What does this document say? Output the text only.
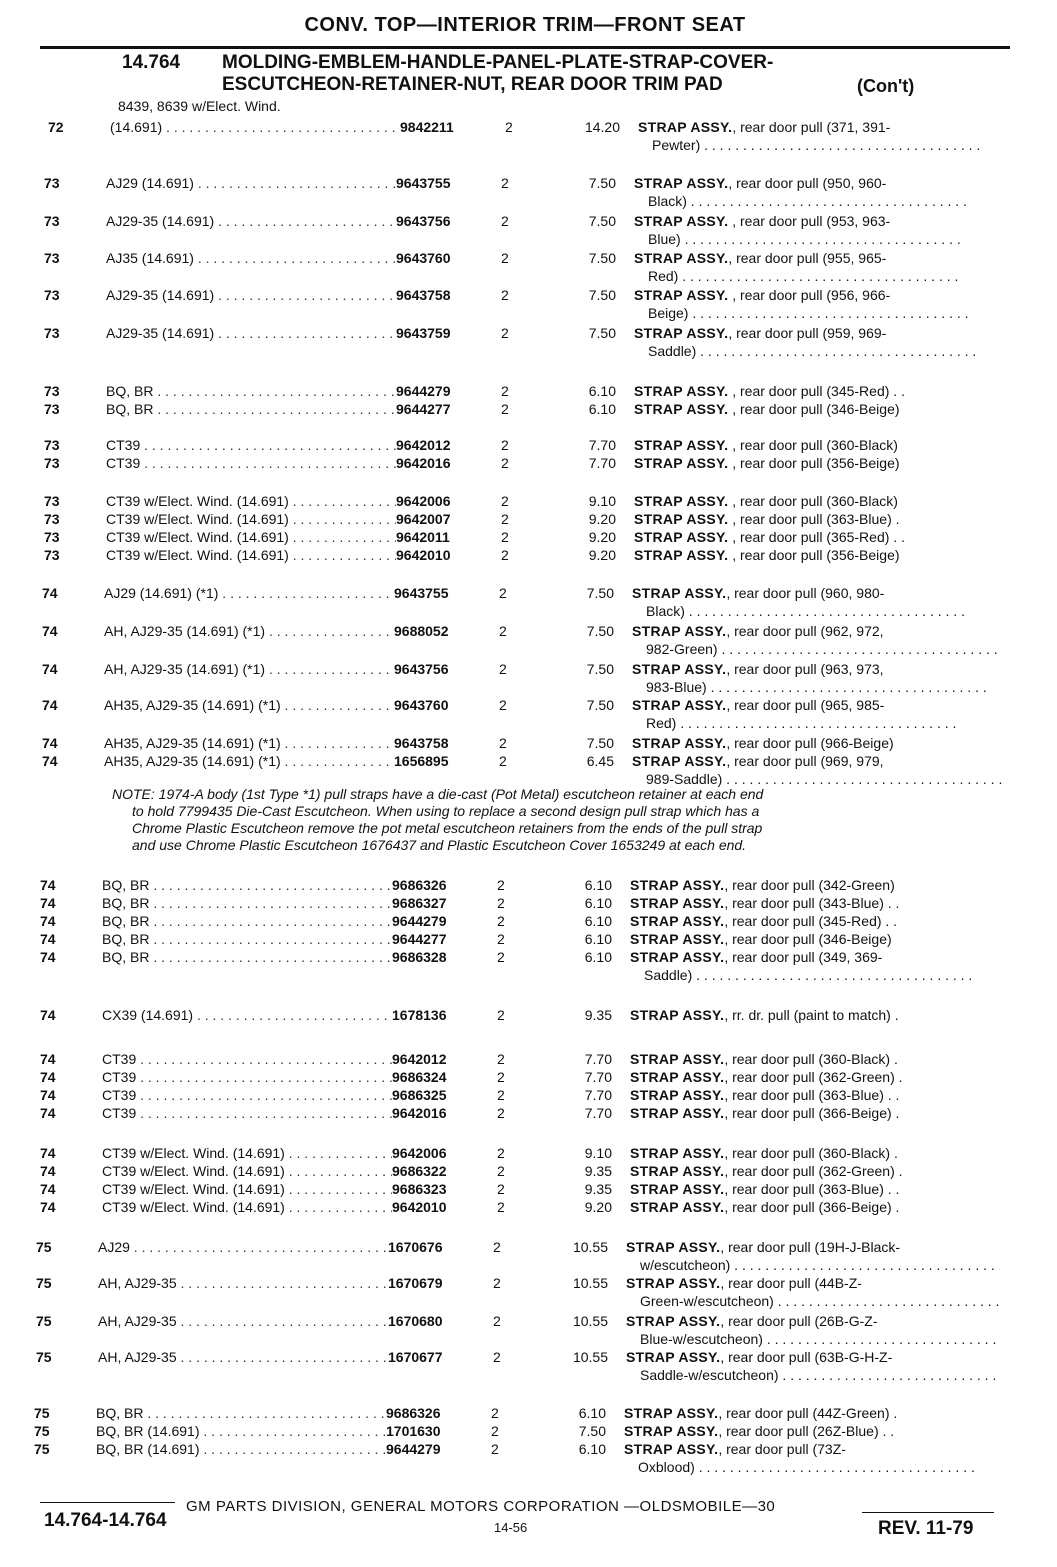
CONV. TOP—INTERIOR TRIM—FRONT SEAT
14.764 MOLDING-EMBLEM-HANDLE-PANEL-PLATE-STRAP-COVER-
ESCUTCHEON-RETAINER-NUT, REAR DOOR TRIM PAD	(Con't)
8439, 8639 w/Elect. Wind.
72	(14.691) . . .	9842211	2	14.20 STRAP ASSY., rear door pull (371, 391-
Pewter) . . .
73	AJ29 (14.691) . . .	9643755	2	7.50 STRAP ASSY., rear door pull (950, 960-
Black) . . .
73	AJ29-35 (14.691) . . .	9643756	2	7.50 STRAP ASSY. , rear door pull (953, 963-
Blue) . . .
73	AJ35 (14.691) . . .	9643760	2	7.50 STRAP ASSY., rear door pull (955, 965-
Red) . . .
73	AJ29-35 (14.691) . . .	9643758	2	7.50 STRAP ASSY. , rear door pull (956, 966-
Beige) . . .
73	AJ29-35 (14.691) . . .	9643759	2	7.50 STRAP ASSY., rear door pull (959, 969-
Saddle) . . .
73	BQ, BR . . .	9644279	2	6.10 STRAP ASSY. , rear door pull (345-Red) . .
73	BQ, BR . . .	9644277	2	6.10 STRAP ASSY. , rear door pull (346-Beige)
73	CT39 . . .	9642012	2	7.70 STRAP ASSY. , rear door pull (360-Black)
73	CT39 . . .	9642016	2	7.70 STRAP ASSY. , rear door pull (356-Beige)
73	CT39 w/Elect. Wind. (14.691) . . .	9642006	2	9.10 STRAP ASSY. , rear door pull (360-Black)
73	CT39 w/Elect. Wind. (14.691) . . .	9642007	2	9.20 STRAP ASSY. , rear door pull (363-Blue) .
73	CT39 w/Elect. Wind. (14.691) . . .	9642011	2	9.20 STRAP ASSY. , rear door pull (365-Red) . .
73	CT39 w/Elect. Wind. (14.691) . . .	9642010	2	9.20 STRAP ASSY. , rear door pull (356-Beige)
74	AJ29 (14.691) (*1) . . .	9643755	2	7.50 STRAP ASSY., rear door pull (960, 980-
Black) . . .
74	AH, AJ29-35 (14.691) (*1) . . .	9688052	2	7.50 STRAP ASSY., rear door pull (962, 972,
982-Green) . . .
74	AH, AJ29-35 (14.691) (*1) . . .	9643756	2	7.50 STRAP ASSY., rear door pull (963, 973,
983-Blue) . . .
74	AH35, AJ29-35 (14.691) (*1) . . .	9643760	2	7.50 STRAP ASSY., rear door pull (965, 985-
Red) . . .
74	AH35, AJ29-35 (14.691) (*1) . . .	9643758	2	7.50 STRAP ASSY., rear door pull (966-Beige)
74	AH35, AJ29-35 (14.691) (*1) . . .	1656895	2	6.45 STRAP ASSY., rear door pull (969, 979,
989-Saddle) . . .
74	BQ, BR . . .	9686326	2	6.10 STRAP ASSY., rear door pull (342-Green)
74	BQ, BR . . .	9686327	2	6.10 STRAP ASSY., rear door pull (343-Blue) . .
74	BQ, BR . . .	9644279	2	6.10 STRAP ASSY., rear door pull (345-Red) . .
74	BQ, BR . . .	9644277	2	6.10 STRAP ASSY., rear door pull (346-Beige)
74	BQ, BR . . .	9686328	2	6.10 STRAP ASSY., rear door pull (349, 369-
Saddle) . . .
74	CX39 (14.691) . . .	1678136	2	9.35 STRAP ASSY., rr. dr. pull (paint to match) .
74	CT39 . . .	9642012	2	7.70 STRAP ASSY., rear door pull (360-Black) .
74	CT39 . . .	9686324	2	7.70 STRAP ASSY., rear door pull (362-Green) .
74	CT39 . . .	9686325	2	7.70 STRAP ASSY., rear door pull (363-Blue) . .
74	CT39 . . .	9642016	2	7.70 STRAP ASSY., rear door pull (366-Beige) .
74	CT39 w/Elect. Wind. (14.691) . . .	9642006	2	9.10 STRAP ASSY., rear door pull (360-Black) .
74	CT39 w/Elect. Wind. (14.691) . . .	9686322	2	9.35 STRAP ASSY., rear door pull (362-Green) .
74	CT39 w/Elect. Wind. (14.691) . . .	9686323	2	9.35 STRAP ASSY., rear door pull (363-Blue) . .
74	CT39 w/Elect. Wind. (14.691) . . .	9642010	2	9.20 STRAP ASSY., rear door pull (366-Beige) .
75	AJ29 . . .	1670676	2	10.55 STRAP ASSY., rear door pull (19H-J-Black-
w/escutcheon) . . .
75	AH, AJ29-35 . . .	1670679	2	10.55 STRAP ASSY., rear door pull (44B-Z-
Green-w/escutcheon) . . .
75	AH, AJ29-35 . . .	1670680	2	10.55 STRAP ASSY., rear door pull (26B-G-Z-
Blue-w/escutcheon) . . .
75	AH, AJ29-35 . . .	1670677	2	10.55 STRAP ASSY., rear door pull (63B-G-H-Z-
Saddle-w/escutcheon) . . .
75	BQ, BR . . .	9686326	2	6.10 STRAP ASSY., rear door pull (44Z-Green) .
75	BQ, BR (14.691) . . .	1701630	2	7.50 STRAP ASSY., rear door pull (26Z-Blue) . .
75	BQ, BR (14.691) . . .	9644279	2	6.10 STRAP ASSY., rear door pull (73Z-
Oxblood) . . .
NOTE: 1974-A body (1st Type *1) pull straps have a die-cast (Pot Metal) escutcheon retainer at each end
to hold 7799435 Die-Cast Escutcheon. When using to replace a second design pull strap which has a
Chrome Plastic Escutcheon remove the pot metal escutcheon retainers from the ends of the pull strap
and use Chrome Plastic Escutcheon 1676437 and Plastic Escutcheon Cover 1653249 at each end.
GM PARTS DIVISION, GENERAL MOTORS CORPORATION —OLDSMOBILE—30
14.764-14.764	14-56	REV. 11-79
